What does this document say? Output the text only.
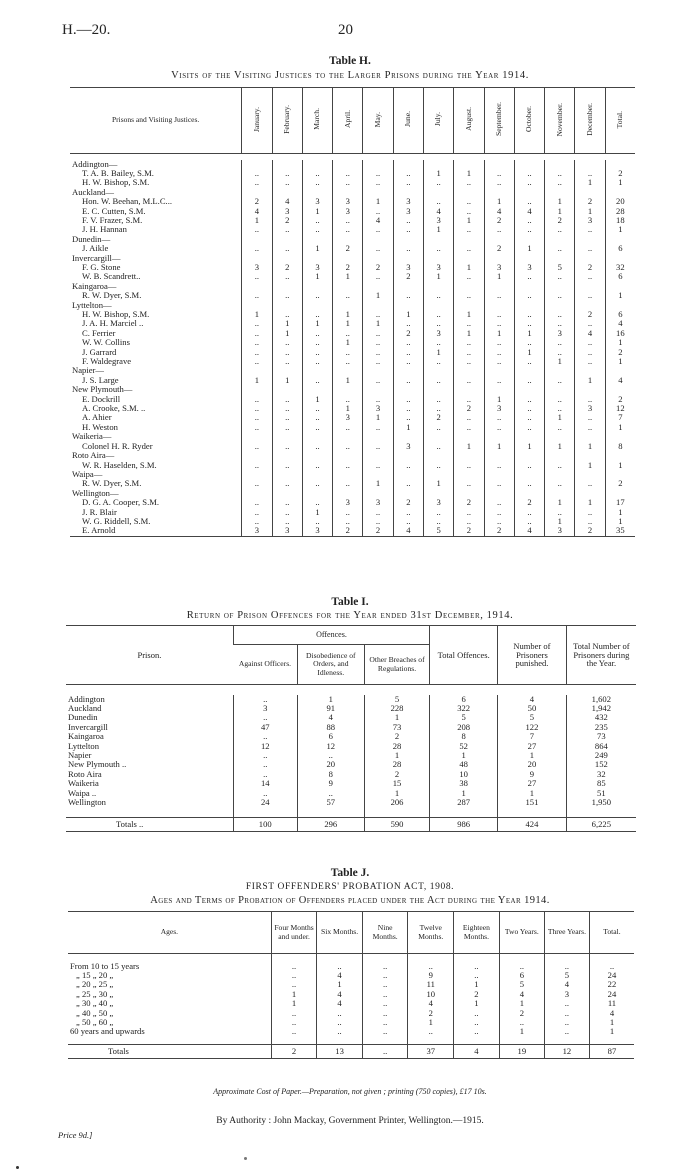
H.—20.	20
Table H.
Visits of the Visiting Justices to the Larger Prisons during the Year 1914.
Prisons and Visiting Justices.	January.	February.	March.	April.	May.	June.	July.	August.	September.	October.	November.	December.	Total.

Addington—													
T. A. B. Bailey, S.M.	..	..	..	..	..	..	1	1	..	..	..	..	2
H. W. Bishop, S.M.	..	..	..	..	..	..	..	..	..	..	..	1	1
Auckland—													
Hon. W. Beehan, M.L.C...	2	4	3	3	1	3	..	..	1	..	1	2	20
E. C. Cutten, S.M.	4	3	1	3	..	3	4	..	4	4	1	1	28
F. V. Frazer, S.M.	1	2	..	..	4	..	3	1	2	..	2	3	18
J. H. Hannan	..	..	..	..	..	..	1	..	..	..	..	..	1
Dunedin—													
J. Aikle	..	..	1	2	..	..	..	..	2	1	..	..	6
Invercargill—													
F. G. Stone	3	2	3	2	2	3	3	1	3	3	5	2	32
W. B. Scandrett..	..	..	1	1	..	2	1	..	1	..	..	..	6
Kaingaroa—													
R. W. Dyer, S.M.	..	..	..	..	1	..	..	..	..	..	..	..	1
Lyttelton—													
H. W. Bishop, S.M.	1	..	..	1	..	1	..	1	..	..	..	2	6
J. A. H. Marciel ..	..	1	1	1	1	..	..	..	..	..	..	..	4
C. Ferrier	..	1	..	..	..	2	3	1	1	1	3	4	16
W. W. Collins	..	..	..	1	..	..	..	..	..	..	..	..	1
J. Garrard	..	..	..	..	..	..	1	..	..	1	..	..	2
F. Waldegrave	..	..	..	..	..	..	..	..	..	..	1	..	1
Napier—													
J. S. Large	1	1	..	1	..	..	..	..	..	..	..	1	4
New Plymouth—													
E. Dockrill	..	..	1	..	..	..	..	..	1	..	..	..	2
A. Crooke, S.M. ..	..	..	..	1	3	..	..	2	3	..	..	3	12
A. Ahier	..	..	..	3	1	..	2	..	..	..	1	..	7
H. Weston	..	..	..	..	..	1	..	..	..	..	..	..	1
Waikeria—													
Colonel H. R. Ryder	..	..	..	..	..	3	..	1	1	1	1	1	8
Roto Aira—													
W. R. Haselden, S.M.	..	..	..	..	..	..	..	..	..	..	..	1	1
Waipa—													
R. W. Dyer, S.M.	..	..	..	..	1	..	1	..	..	..	..	..	2
Wellington—													
D. G. A. Cooper, S.M.	..	..	..	3	3	2	3	2	..	2	1	1	17
J. R. Blair	..	..	1	..	..	..	..	..	..	..	..	..	1
W. G. Riddell, S.M.	..	..	..	..	..	..	..	..	..	..	1	..	1
E. Arnold	3	3	3	2	2	4	5	2	2	4	3	2	35
Table I.
Return of Prison Offences for the Year ended 31st December, 1914.
Prison.	Offences.			Total Offences.	Number of Prisoners punished.	Total Number of Prisoners during the Year.
	Against Officers.	Disobedience of Orders, and Idleness.	Other Breaches of Regulations.			

Addington	..	1	5	6	4	1,602
Auckland	3	91	228	322	50	1,942
Dunedin	..	4	1	5	5	432
Invercargill	47	88	73	208	122	235
Kaingaroa	..	6	2	8	7	73
Lyttelton	12	12	28	52	27	864
Napier	..	..	1	1	1	249
New Plymouth ..	..	20	28	48	20	152
Roto Aira	..	8	2	10	9	32
Waikeria	14	9	15	38	27	85
Waipa ..	..	..	1	1	1	51
Wellington	24	57	206	287	151	1,950

Totals ..	100	296	590	986	424	6,225
Table J.
FIRST OFFENDERS' PROBATION ACT, 1908.
Ages and Terms of Probation of Offenders placed under the Act during the Year 1914.
Ages.	Four Months and under.	Six Months.	Nine Months.	Twelve Months.	Eighteen Months.	Two Years.	Three Years.	Total.

From 10 to 15 years	..	..	..	..	..	..	..	..
„ 15 „ 20 „	..	4	..	9	..	6	5	24
„ 20 „ 25 „	..	1	..	11	1	5	4	22
„ 25 „ 30 „	1	4	..	10	2	4	3	24
„ 30 „ 40 „	1	4	..	4	1	1	..	11
„ 40 „ 50 „	..	..	..	2	..	2	..	4
„ 50 „ 60 „	..	..	..	1	..	..	..	1
60 years and upwards	..	..	..	..	..	1	..	1

Totals	2	13	..	37	4	19	12	87
Approximate Cost of Paper.—Preparation, not given ; printing (750 copies), £17 10s.
By Authority : John Mackay, Government Printer, Wellington.—1915.
Price 9d.]
